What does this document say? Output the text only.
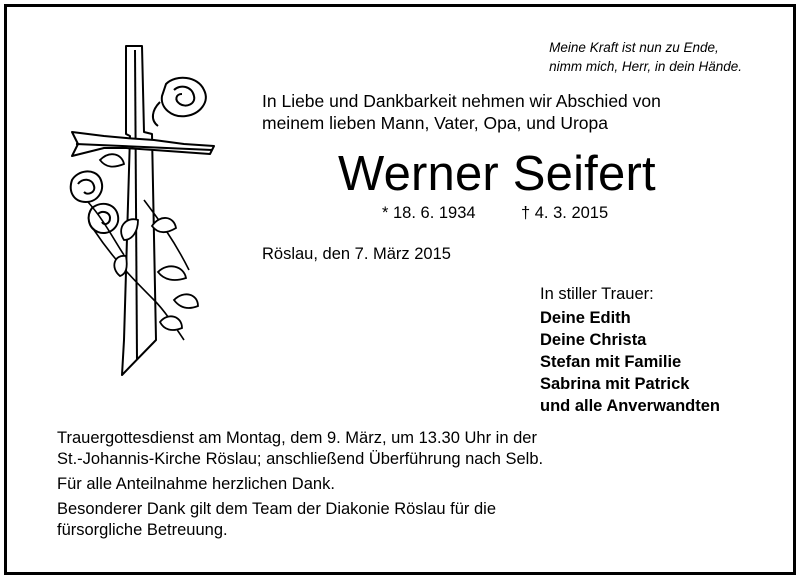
Meine Kraft ist nun zu Ende,
nimm mich, Herr, in dein Hände.
In Liebe und Dankbarkeit nehmen wir Abschied von
meinem lieben Mann, Vater, Opa, und Uropa
Werner Seifert
* 18. 6. 1934	† 4. 3. 2015
Röslau, den 7. März 2015
In stiller Trauer:
Deine Edith
Deine Christa
Stefan mit Familie
Sabrina mit Patrick
und alle Anverwandten

Trauergottesdienst am Montag, dem 9. März, um 13.30 Uhr in der

St.-Johannis-Kirche Röslau; anschließend Überführung nach Selb.

Für alle Anteilnahme herzlichen Dank.

Besonderer Dank gilt dem Team der Diakonie Röslau für die

fürsorgliche Betreuung.
